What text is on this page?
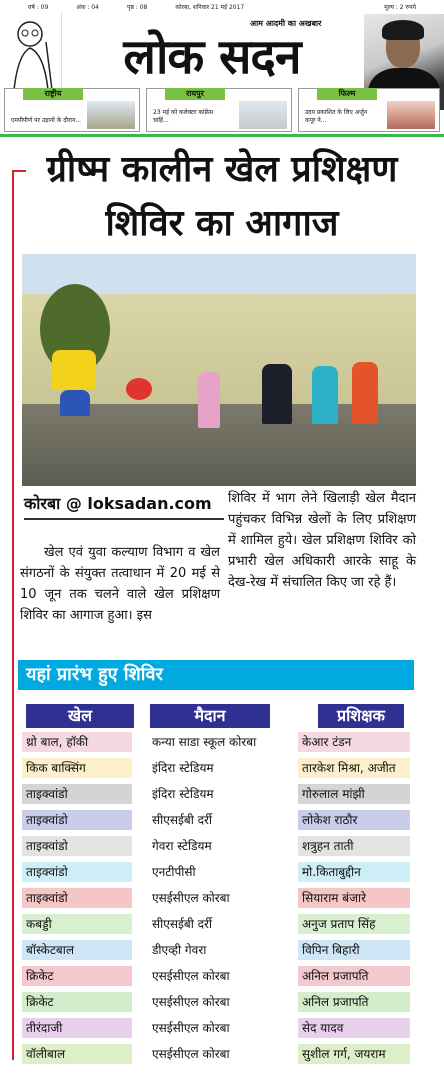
वर्ष : 09	अंक : 04	पृष्ठ : 08	कोरबा, शनिवार 21 मई 2017	मूल्य : 2 रुपये
आम आदमी का अखबार
लोक सदन
राष्ट्रीय
एमपीपीर्ण पर उड़ानों के दौरान...
रायपुर
23 मई को कलेक्टर कांफ्रेंस चाहिं...
फिल्म
उदय प्रकाशित के लिए अर्जुन कपूर ने...
ग्रीष्म कालीन खेल प्रशिक्षण
शिविर का आगाज
कोरबा @ loksadan.com
खेल एवं युवा कल्याण विभाग व खेल संगठनों के संयुक्त तत्वाधान में 20 मई से 10 जून तक चलने वाले खेल प्रशिक्षण शिविर का आगाज हुआ। इस
शिविर में भाग लेने खिलाड़ी खेल मैदान पहुंचकर विभिन्न खेलों के लिए प्रशिक्षण में शामिल हुये। खेल प्रशिक्षण शिविर को प्रभारी खेल अधिकारी आरके साहू के देख-रेख में संचालित किए जा रहे हैं।
यहां प्रारंभ हुए शिविर
खेल	मैदान	प्रशिक्षक
थ्रो बाल, हॉकी	कन्या साडा स्कूल कोरबा	केआर टंडन
किक बाक्सिंग	इंदिरा स्टेडियम	तारकेश मिश्रा, अजीत
ताइक्वांडो	इंदिरा स्टेडियम	गोरुलाल मांझी
ताइक्वांडो	सीएसईबी दर्री	लोकेश राठौर
ताइक्वांडो	गेवरा स्टेडियम	शत्रुहन ताती
ताइक्वांडो	एनटीपीसी	मो.किताबुद्दीन
ताइक्वांडो	एसईसीएल कोरबा	सियाराम बंजारे
कबड्डी	सीएसईबी दर्री	अनुज प्रताप सिंह
बॉस्केटबाल	डीएव्ही गेवरा	विपिन बिहारी
क्रिकेट	एसईसीएल कोरबा	अनिल प्रजापति
क्रिकेट	एसईसीएल कोरबा	अनिल प्रजापति
तीरंदाजी	एसईसीएल कोरबा	सेद यादव
वॉलीबाल	एसईसीएल कोरबा	सुशील गर्ग, जयराम
